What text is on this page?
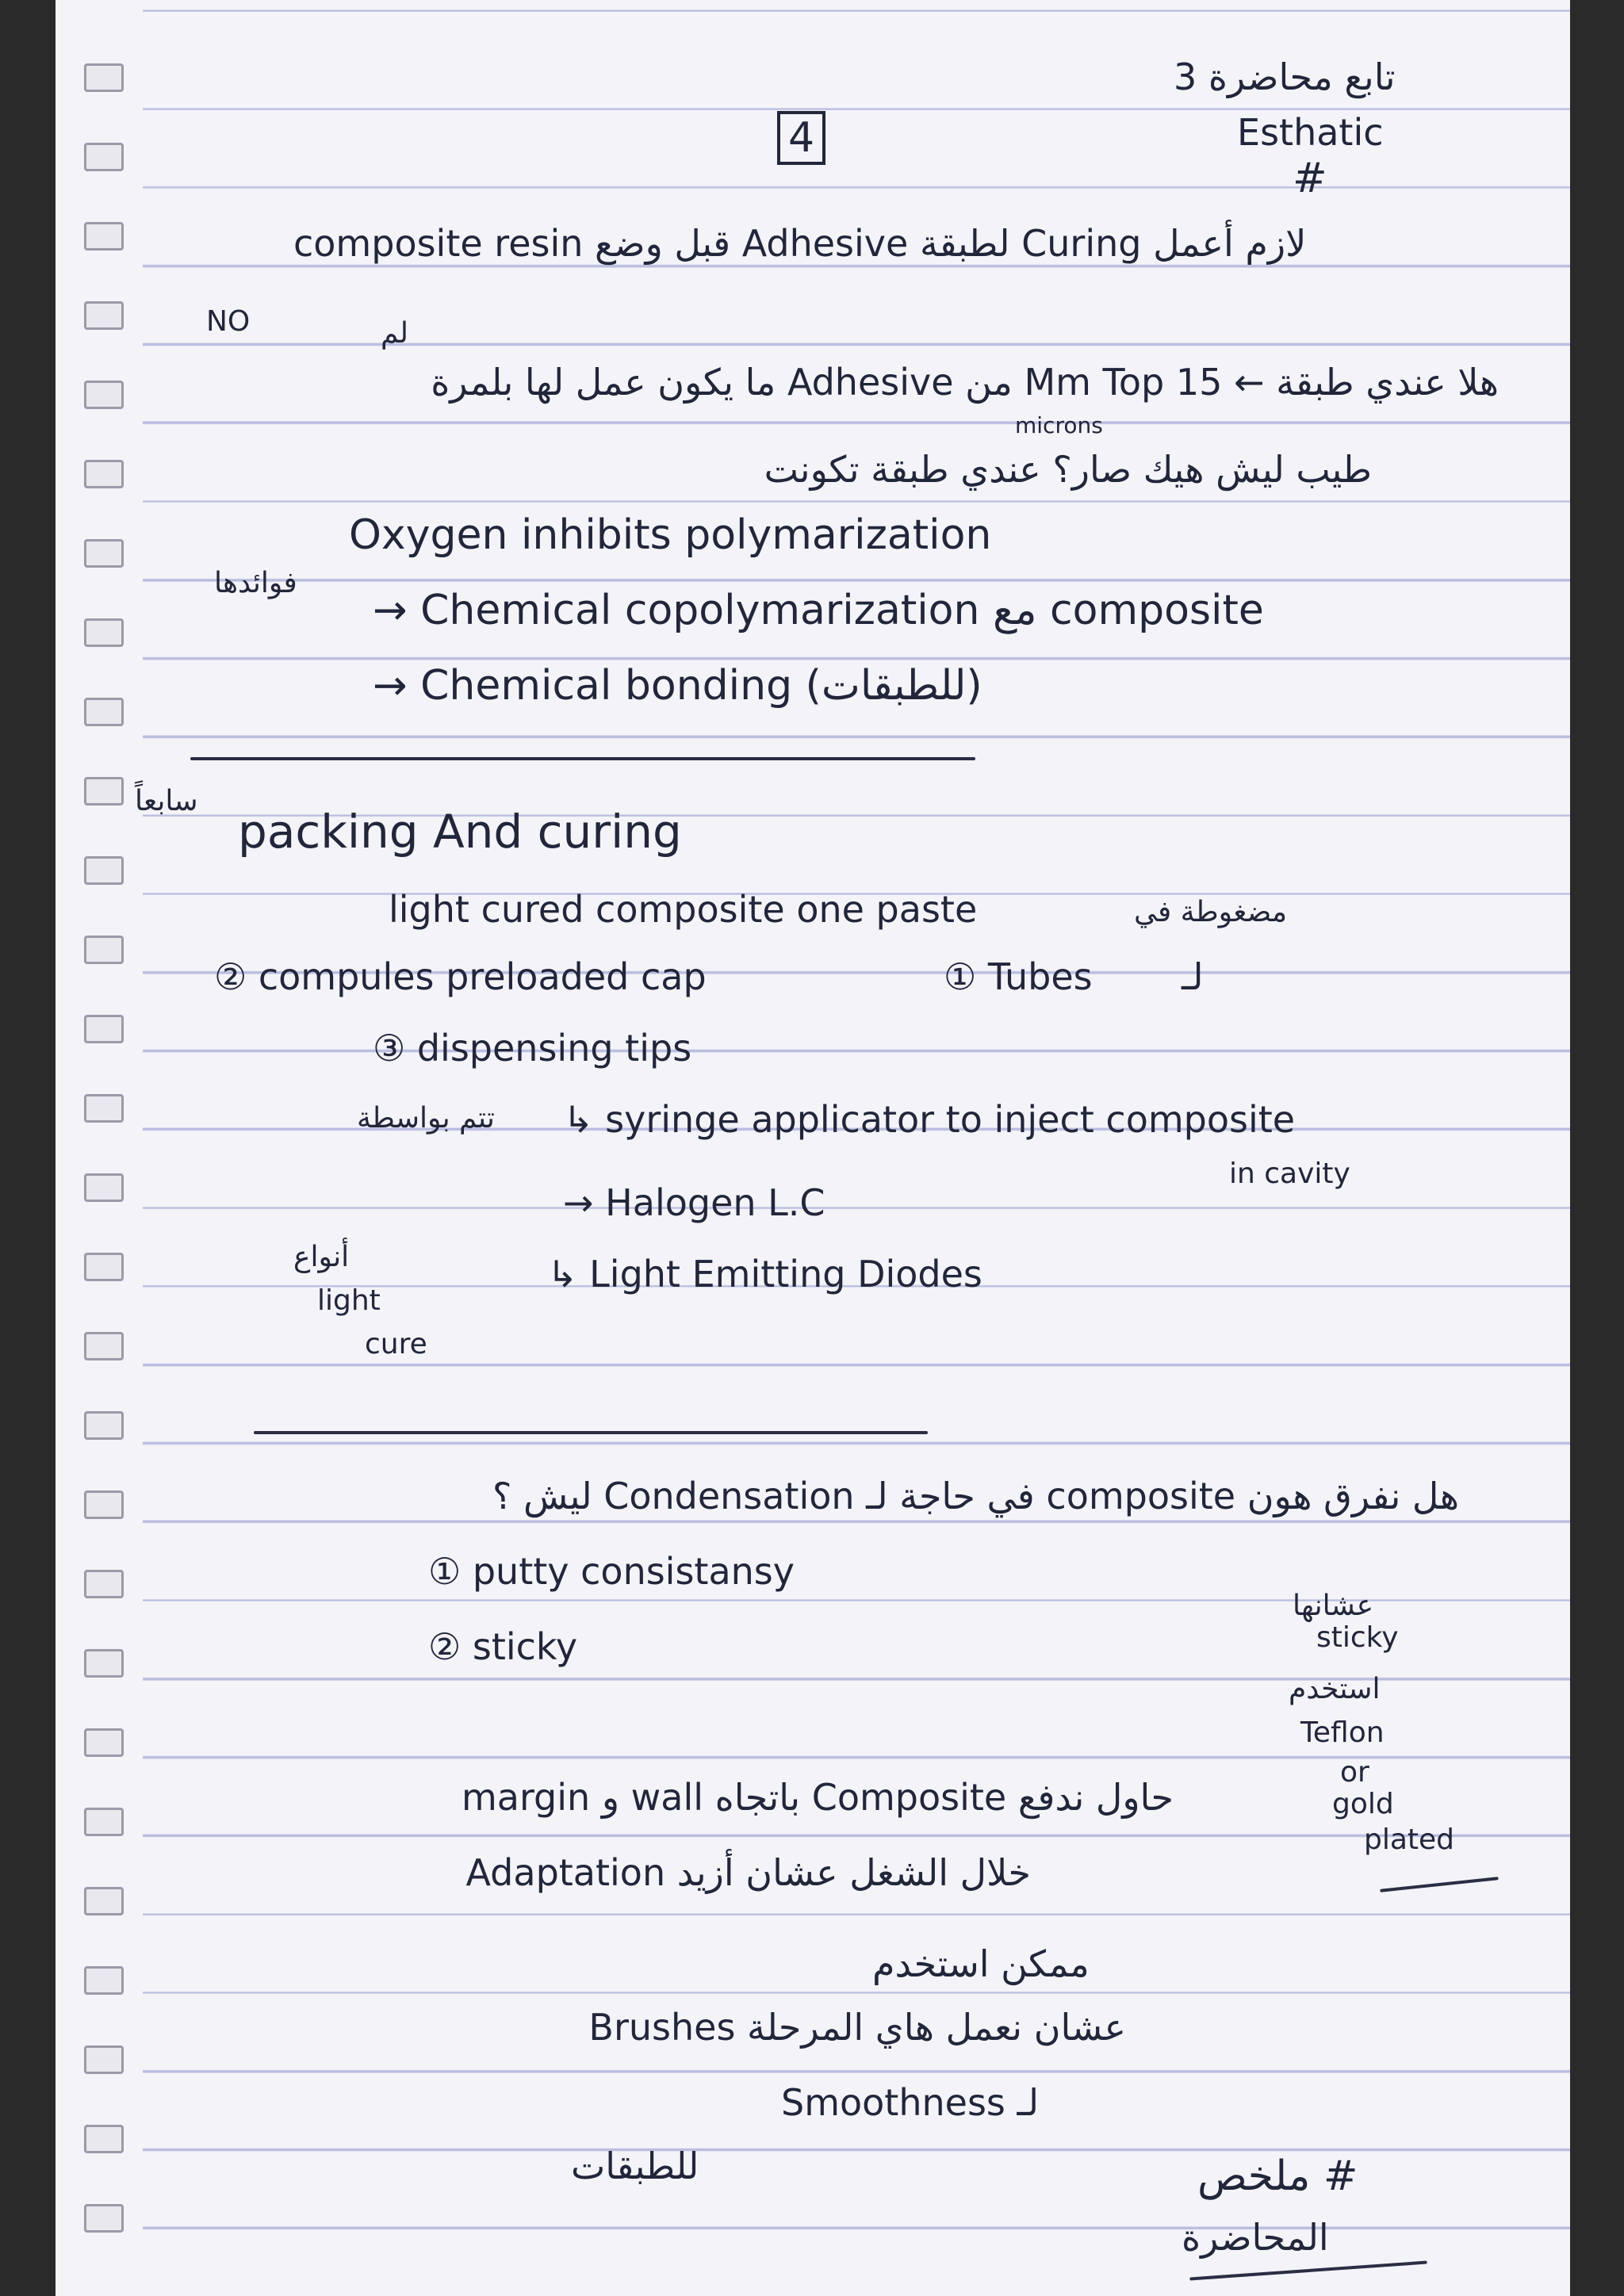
تابع محاضرة 3
Esthatic
#
4
composite resin قبل وضع Adhesive لطبقة Curing لازم أعمل
NO	لم
هلا عندي طبقة ← 15 Mm Top من Adhesive ما يكون عمل لها بلمرة
microns
طيب ليش هيك صار؟ عندي طبقة تكونت
Oxygen inhibits polymarization
فوائدها
→ Chemical copolymarization مع composite
→ Chemical bonding (للطبقات)
سابعاً
packing And curing
light cured composite one paste	مضغوطة في
② compules preloaded cap	① Tubes لـ
③ dispensing tips
تتم بواسطة ↳ syringe applicator to inject composite
in cavity
→ Halogen L.C
↳ Light Emitting Diodes
أنواع
light
cure
هل نفرق هون composite في حاجة لـ Condensation ليش ؟
① putty consistansy
② sticky
عشانها
sticky
استخدم
Teflon
or
gold
plated
حاول ندفع Composite باتجاه wall و margin
خلال الشغل عشان أزيد Adaptation
ممكن استخدم
عشان نعمل هاي المرحلة Brushes
لـ Smoothness
للطبقات	# ملخص
المحاضرة
